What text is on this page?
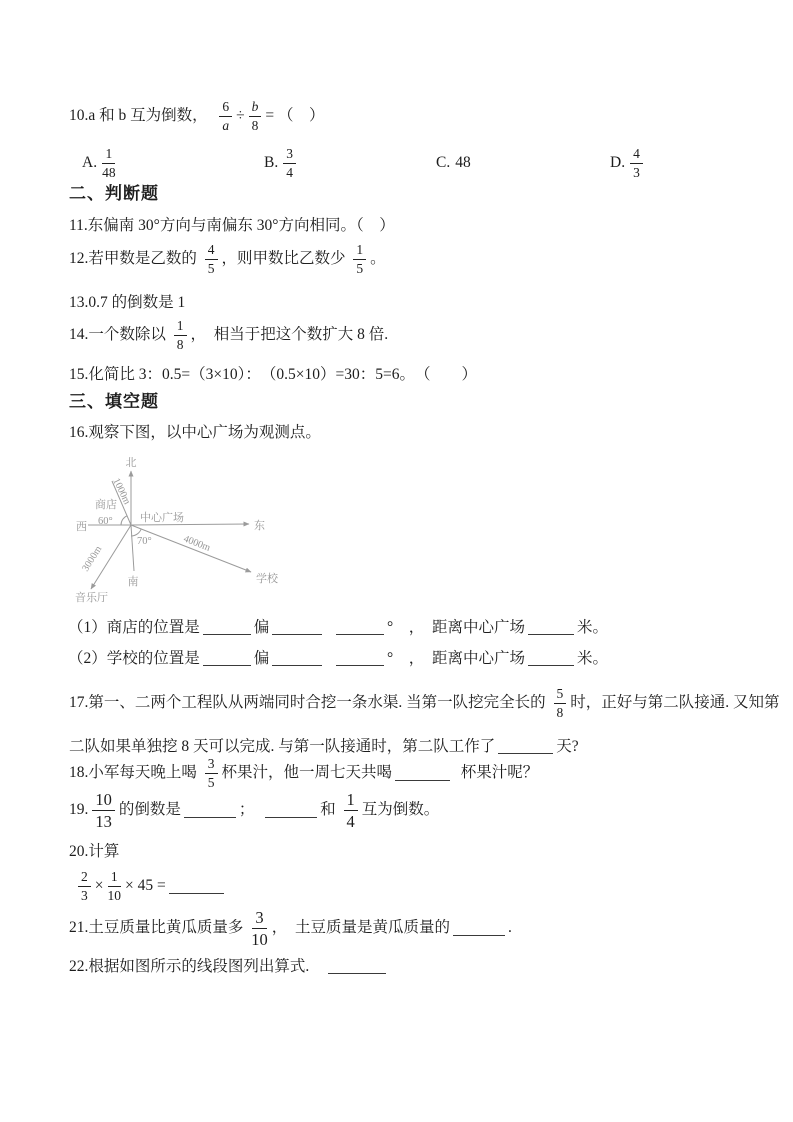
10.a 和 b 互为倒数，　 $\frac{6}{a} \div \frac{b}{8}$ = （　）
A. $\frac{1}{48}$	B. $\frac{3}{4}$	C. 48	D. $\frac{4}{3}$
二、判断题
11.东偏南 30°方向与南偏东 30°方向相同。（　）
12.若甲数是乙数的 $\frac{4}{5}$ ，则甲数比乙数少 $\frac{1}{5}$ 。
13.0.7 的倒数是 1
14.一个数除以 $\frac{1}{8}$ ，　相当于把这个数扩大 8 倍.
15.化简比 3：0.5=（3×10）：　（0.5×10）=30：5=6。　（　　）
三、填空题
16.观察下图，以中心广场为观测点。
北
东
西
南
中心广场
商店
音乐厅
学校
60°
70°
1000m
3000m
4000m
（1）商店的位置是	偏
 	°　，　距离中心广场	米。
（2）学校的位置是	偏
 	°　，　距离中心广场	米。
17.第一、二两个工程队从两端同时合挖一条水渠. 当第一队挖完全长的 $\frac{5}{8}$ 时，正好与第二队接通. 又知第
二队如果单独挖 8 天可以完成. 与第一队接通时，第二队工作了	天?
18.小军每天晚上喝 $\frac{3}{5}$ 杯果汁，他一周七天共喝	 杯果汁呢？
19. $\frac{10}{13}$ 的倒数是	； 	和 $\frac{1}{4}$ 互为倒数。
20.计算
$\frac{2}{3} \times \frac{1}{10} \times 45$ =
21.土豆质量比黄瓜质量多 $\frac{3}{10}$ ， 土豆质量是黄瓜质量的	.
22.根据如图所示的线段图列出算式.　
